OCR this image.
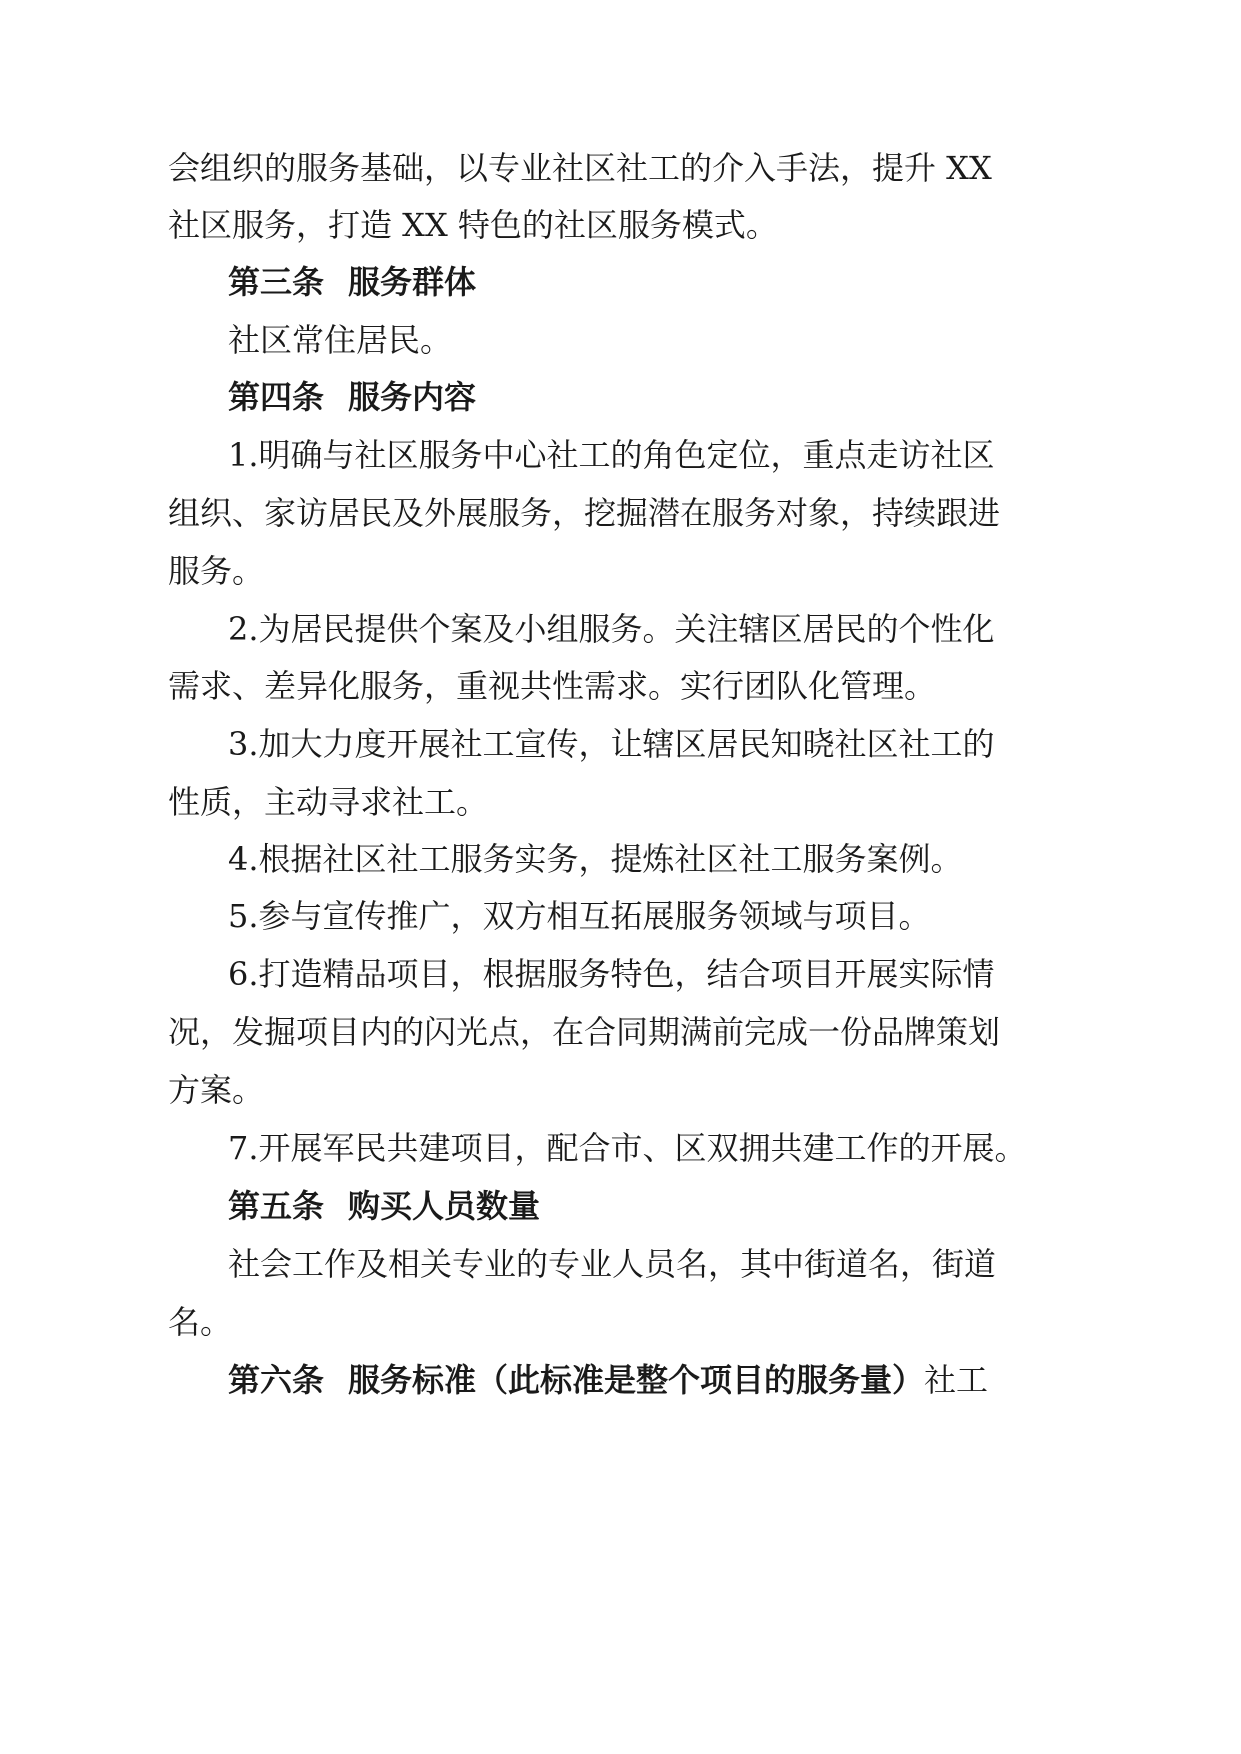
会组织的服务基础，以专业社区社工的介入手法，提升 XX
社区服务，打造 XX 特色的社区服务模式。
第三条 服务群体
社区常住居民。
第四条 服务内容
1.明确与社区服务中心社工的角色定位，重点走访社区
组织、家访居民及外展服务，挖掘潜在服务对象，持续跟进
服务。
2.为居民提供个案及小组服务。关注辖区居民的个性化
需求、差异化服务，重视共性需求。实行团队化管理。
3.加大力度开展社工宣传，让辖区居民知晓社区社工的
性质，主动寻求社工。
4.根据社区社工服务实务，提炼社区社工服务案例。
5.参与宣传推广，双方相互拓展服务领域与项目。
6.打造精品项目，根据服务特色，结合项目开展实际情
况，发掘项目内的闪光点，在合同期满前完成一份品牌策划
方案。
7.开展军民共建项目，配合市、区双拥共建工作的开展。
第五条 购买人员数量
社会工作及相关专业的专业人员名，其中街道名，街道
名。
第六条 服务标准（此标准是整个项目的服务量） 社工
